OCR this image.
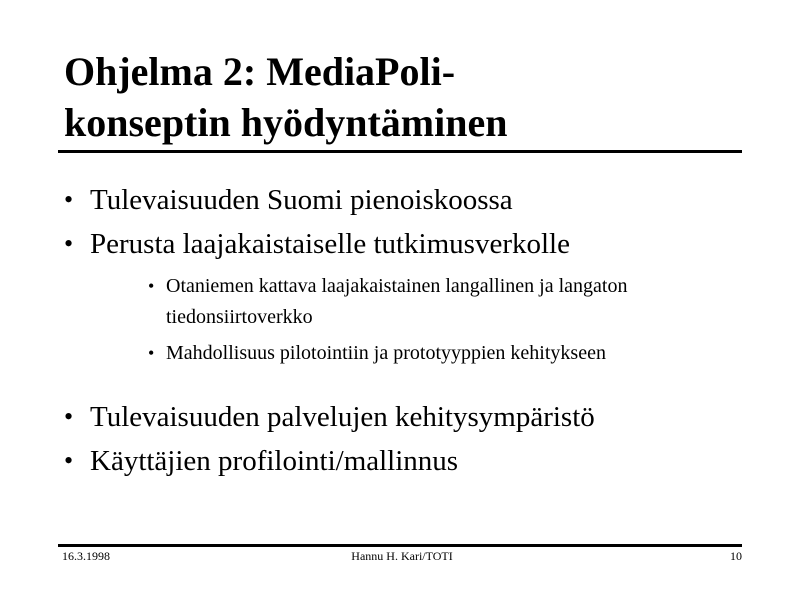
Ohjelma 2: MediaPoli-
konseptin hyödyntäminen
• Tulevaisuuden Suomi pienoiskoossa
• Perusta laajakaistaiselle tutkimusverkolle
• Otaniemen kattava laajakaistainen langallinen ja langaton tiedonsiirtoverkko
• Mahdollisuus pilotointiin ja prototyyppien kehitykseen
• Tulevaisuuden palvelujen kehitysympäristö
• Käyttäjien profilointi/mallinnus
16.3.1998	Hannu H. Kari/TOTI	10
